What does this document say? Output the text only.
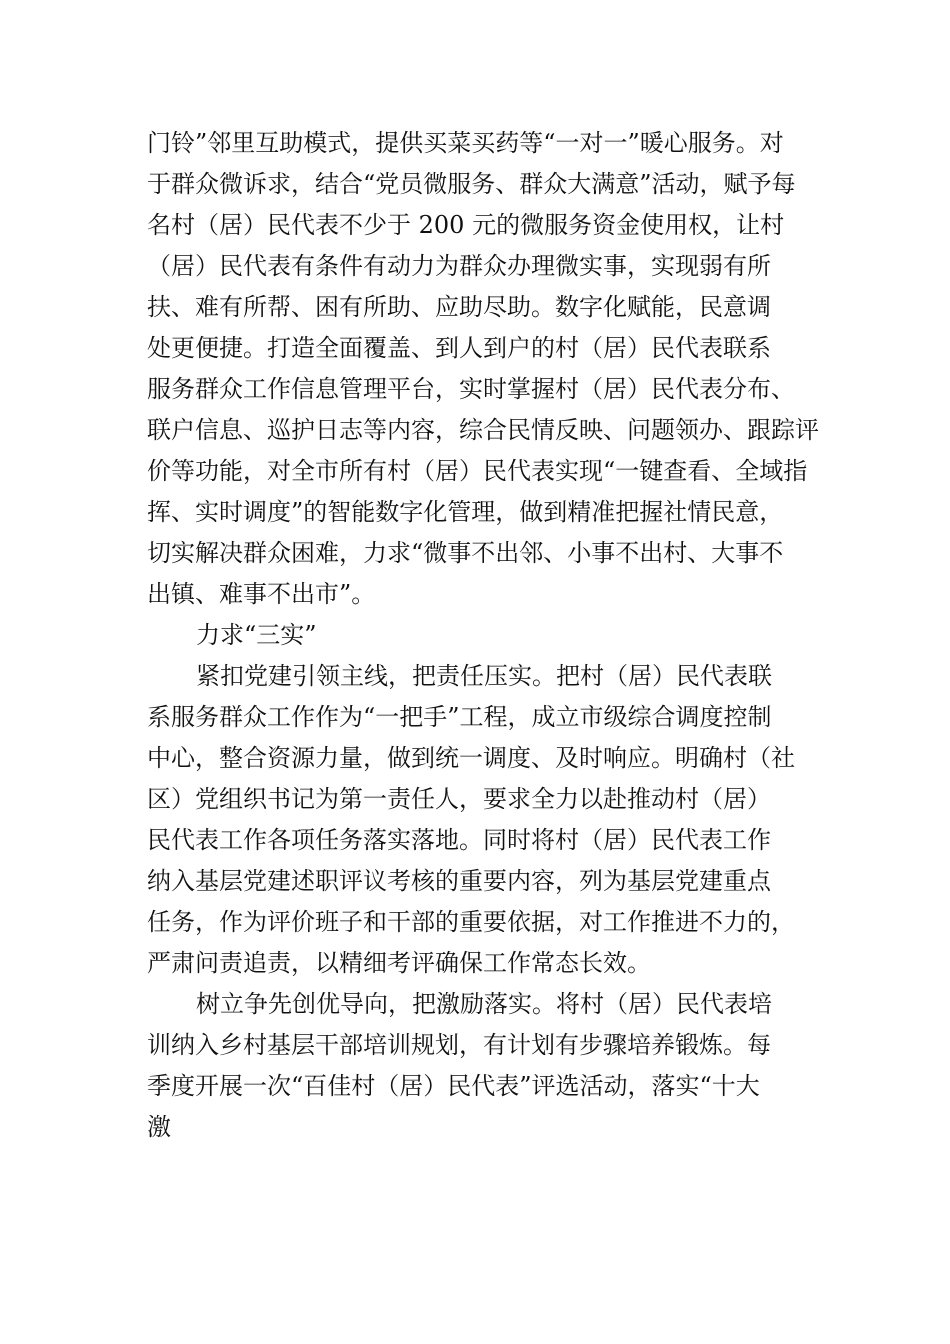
门铃”邻里互助模式，提供买菜买药等“一对一”暖心服务。对
于群众微诉求，结合“党员微服务、群众大满意”活动，赋予每
名村（居）民代表不少于 200 元的微服务资金使用权，让村
（居）民代表有条件有动力为群众办理微实事，实现弱有所
扶、难有所帮、困有所助、应助尽助。数字化赋能，民意调
处更便捷。打造全面覆盖、到人到户的村（居）民代表联系
服务群众工作信息管理平台，实时掌握村（居）民代表分布、
联户信息、巡护日志等内容，综合民情反映、问题领办、跟踪评
价等功能，对全市所有村（居）民代表实现“一键查看、全域指
挥、实时调度”的智能数字化管理，做到精准把握社情民意，
切实解决群众困难，力求“微事不出邻、小事不出村、大事不
出镇、难事不出市”。
力求“三实”
紧扣党建引领主线，把责任压实。把村（居）民代表联
系服务群众工作作为“一把手”工程，成立市级综合调度控制
中心，整合资源力量，做到统一调度、及时响应。明确村（社
区）党组织书记为第一责任人，要求全力以赴推动村（居）
民代表工作各项任务落实落地。同时将村（居）民代表工作
纳入基层党建述职评议考核的重要内容，列为基层党建重点
任务，作为评价班子和干部的重要依据，对工作推进不力的，
严肃问责追责，以精细考评确保工作常态长效。
树立争先创优导向，把激励落实。将村（居）民代表培
训纳入乡村基层干部培训规划，有计划有步骤培养锻炼。每
季度开展一次“百佳村（居）民代表”评选活动，落实“十大
激
